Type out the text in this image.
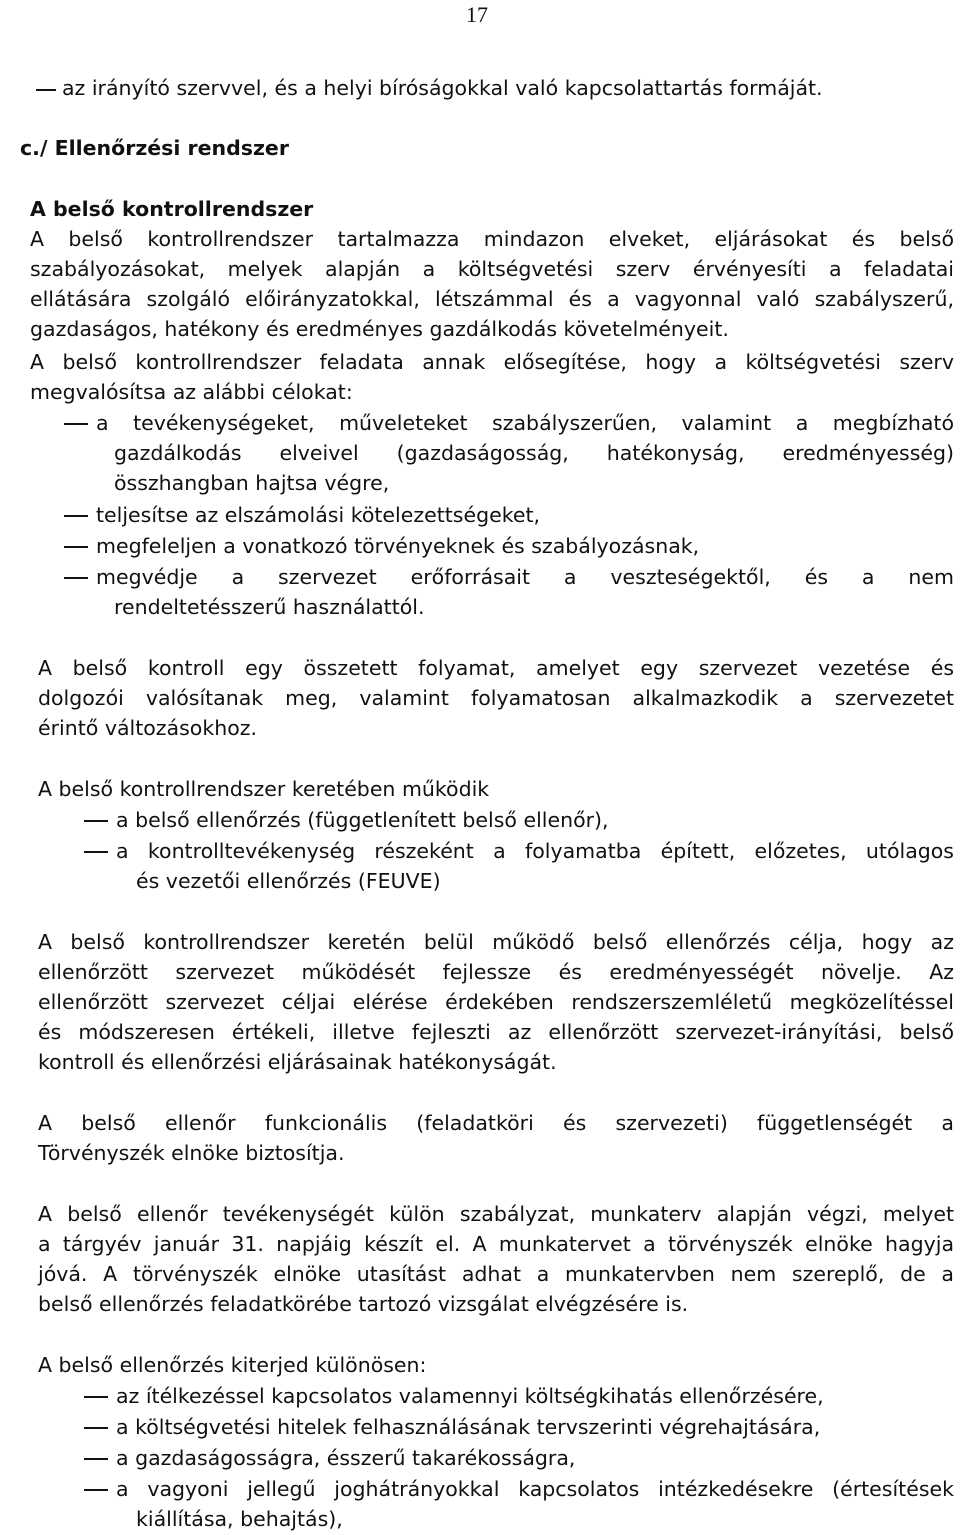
17
az irányító szervvel, és a helyi bíróságokkal való kapcsolattartás formáját.
c./ Ellenőrzési rendszer
A belső kontrollrendszer
A belső kontrollrendszer tartalmazza mindazon elveket, eljárásokat és belső
szabályozásokat, melyek alapján a költségvetési szerv érvényesíti a feladatai
ellátására szolgáló előirányzatokkal, létszámmal és a vagyonnal való szabályszerű,
gazdaságos, hatékony és eredményes gazdálkodás követelményeit.
A belső kontrollrendszer feladata annak elősegítése, hogy a költségvetési szerv
megvalósítsa az alábbi célokat:
a tevékenységeket, műveleteket szabályszerűen, valamint a megbízható
gazdálkodás elveivel (gazdaságosság, hatékonyság, eredményesség)
összhangban hajtsa végre,
teljesítse az elszámolási kötelezettségeket,
megfeleljen a vonatkozó törvényeknek és szabályozásnak,
megvédje a szervezet erőforrásait a veszteségektől, és a nem
rendeltetésszerű használattól.
A belső kontroll egy összetett folyamat, amelyet egy szervezet vezetése és
dolgozói valósítanak meg, valamint folyamatosan alkalmazkodik a szervezetet
érintő változásokhoz.
A belső kontrollrendszer keretében működik
a belső ellenőrzés (függetlenített belső ellenőr),
a kontrolltevékenység részeként a folyamatba épített, előzetes, utólagos
és vezetői ellenőrzés (FEUVE)
A belső kontrollrendszer keretén belül működő belső ellenőrzés célja, hogy az
ellenőrzött szervezet működését fejlessze és eredményességét növelje. Az
ellenőrzött szervezet céljai elérése érdekében rendszerszemléletű megközelítéssel
és módszeresen értékeli, illetve fejleszti az ellenőrzött szervezet-irányítási, belső
kontroll és ellenőrzési eljárásainak hatékonyságát.
A belső ellenőr funkcionális (feladatköri és szervezeti) függetlenségét a
Törvényszék elnöke biztosítja.
A belső ellenőr tevékenységét külön szabályzat, munkaterv alapján végzi, melyet
a tárgyév január 31. napjáig készít el. A munkatervet a törvényszék elnöke hagyja
jóvá. A törvényszék elnöke utasítást adhat a munkatervben nem szereplő, de a
belső ellenőrzés feladatkörébe tartozó vizsgálat elvégzésére is.
A belső ellenőrzés kiterjed különösen:
az ítélkezéssel kapcsolatos valamennyi költségkihatás ellenőrzésére,
a költségvetési hitelek felhasználásának tervszerinti végrehajtására,
a gazdaságosságra, ésszerű takarékosságra,
a vagyoni jellegű joghátrányokkal kapcsolatos intézkedésekre (értesítések
kiállítása, behajtás),
